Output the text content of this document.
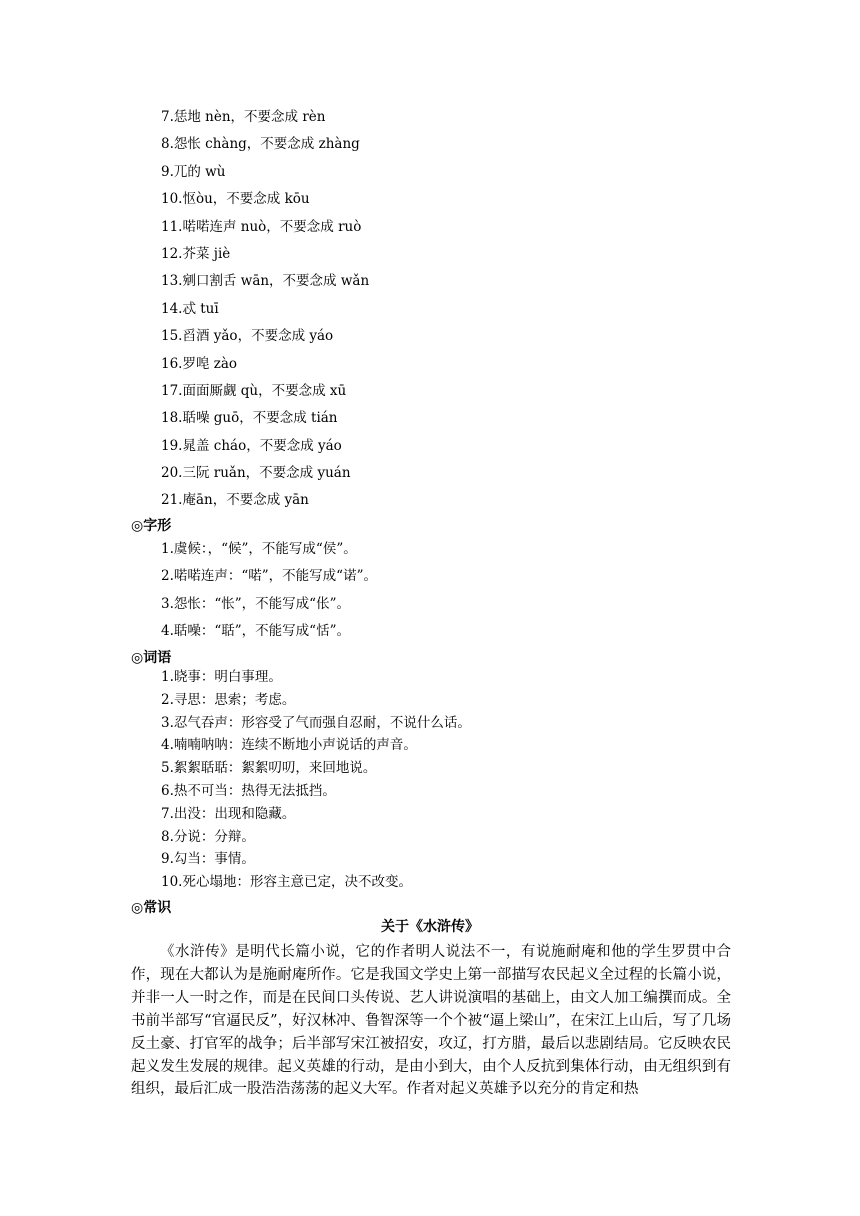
7.恁地 nèn，不要念成 rèn
8.怨怅 chàng，不要念成 zhàng
9.兀的 wù
10.怄òu，不要念成 kōu
11.喏喏连声 nuò，不要念成 ruò
12.芥菜 jiè
13.剜口割舌 wān，不要念成 wǎn
14.忒 tuī
15.舀酒 yǎo，不要念成 yáo
16.罗唣 zào
17.面面厮觑 qù，不要念成 xū
18.聒噪 guō，不要念成 tián
19.晁盖 cháo，不要念成 yáo
20.三阮 ruǎn，不要念成 yuán
21.庵ān，不要念成 yān
◎字形
1.虞候：，“候”，不能写成“侯”。
2.喏喏连声：“喏”，不能写成“诺”。
3.怨怅：“怅”，不能写成“伥”。
4.聒噪：“聒”，不能写成“恬”。
◎词语
1.晓事：明白事理。
2.寻思：思索；考虑。
3.忍气吞声：形容受了气而强自忍耐，不说什么话。
4.喃喃呐呐：连续不断地小声说话的声音。
5.絮絮聒聒：絮絮叨叨，来回地说。
6.热不可当：热得无法抵挡。
7.出没：出现和隐藏。
8.分说：分辩。
9.勾当：事情。
10.死心塌地：形容主意已定，决不改变。
◎常识
关于《水浒传》

《水浒传》是明代长篇小说，它的作者明人说法不一，有说施耐庵和他的学生罗贯中合作，现在大都认为是施耐庵所作。它是我国文学史上第一部描写农民起义全过程的长篇小说，并非一人一时之作，而是在民间口头传说、艺人讲说演唱的基础上，由文人加工编撰而成。全书前半部写“官逼民反”，好汉林冲、鲁智深等一个个被“逼上梁山”，在宋江上山后，写了几场反土豪、打官军的战争；后半部写宋江被招安，攻辽，打方腊，最后以悲剧结局。它反映农民起义发生发展的规律。起义英雄的行动，是由小到大，由个人反抗到集体行动，由无组织到有组织，最后汇成一股浩浩荡荡的起义大军。作者对起义英雄予以充分的肯定和热
